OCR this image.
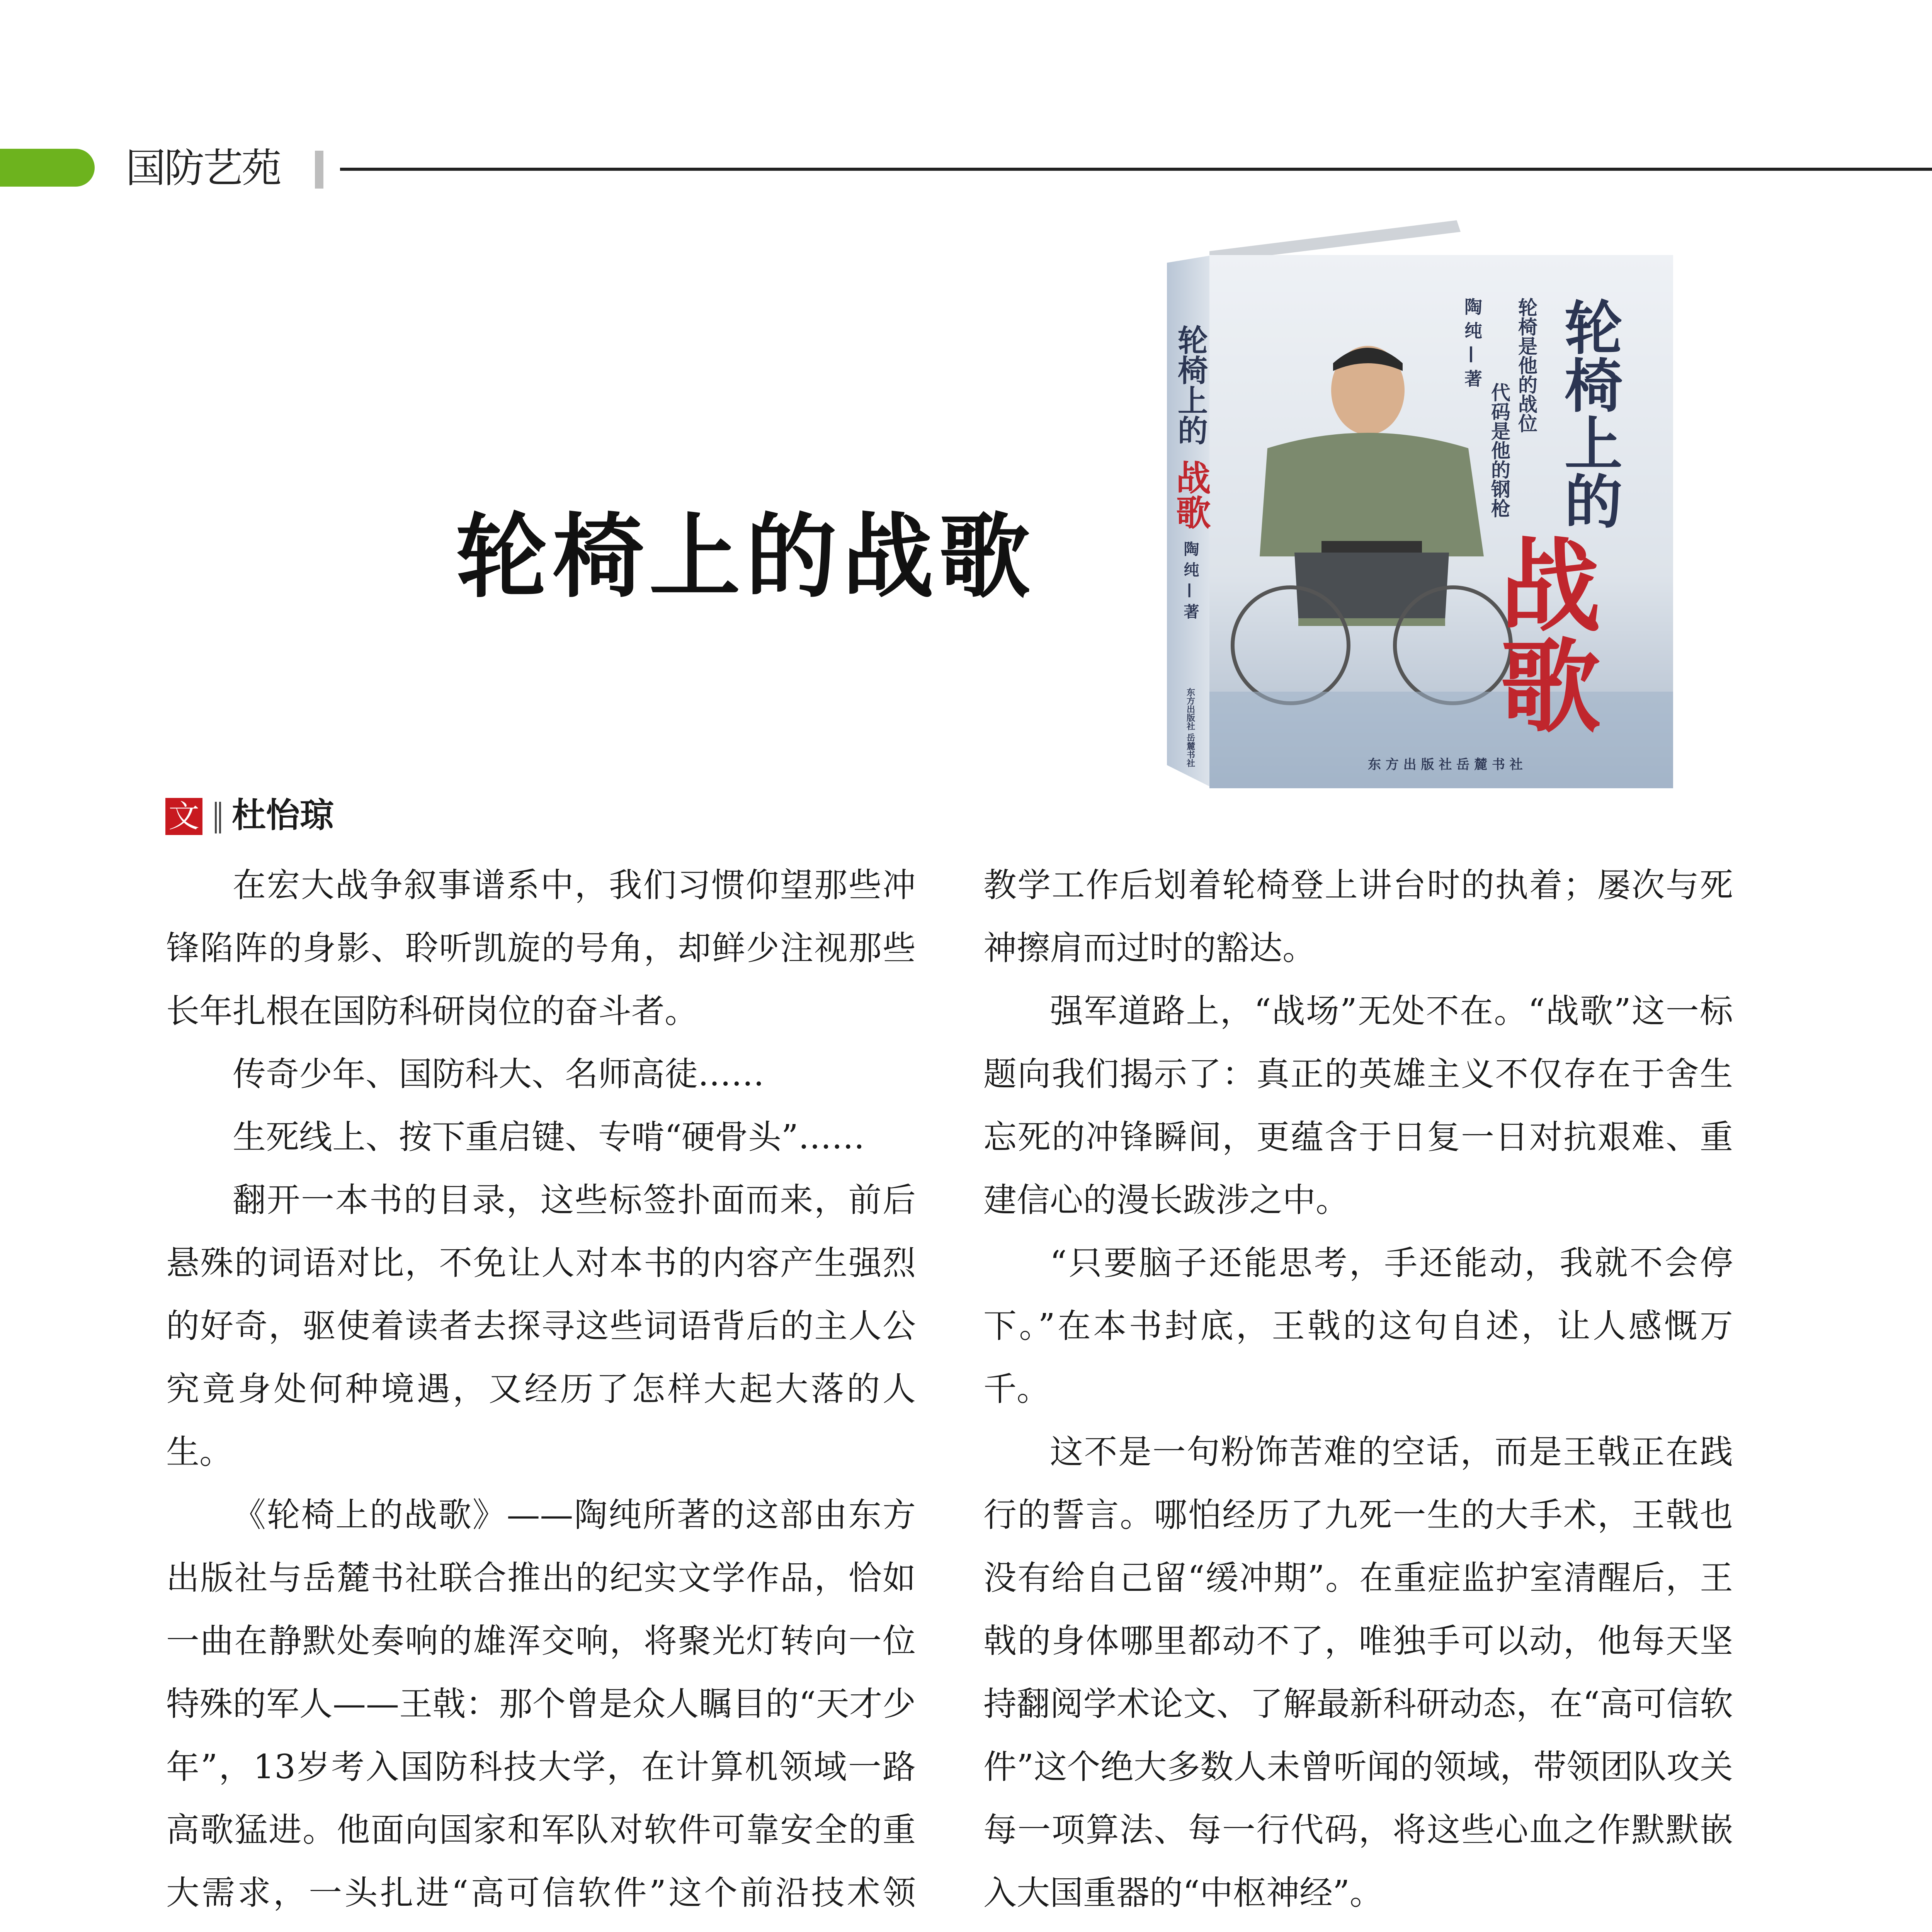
国防艺苑
轮椅上的战歌
轮椅上的
战歌
轮椅是他的战位
代码是他的钢枪
陶 纯 — 著
东 方 出 版 社 岳 麓 书 社
轮椅上的
战歌
陶 纯 — 著
东方出版社 岳麓书社
文 杜怡琼

在宏大战争叙事谱系中，我们习惯仰望那些冲锋陷阵的身影、聆听凯旋的号角，却鲜少注视那些长年扎根在国防科研岗位的奋斗者。

传奇少年、国防科大、名师高徒……

生死线上、按下重启键、专啃“硬骨头”……

翻开一本书的目录，这些标签扑面而来，前后悬殊的词语对比，不免让人对本书的内容产生强烈的好奇，驱使着读者去探寻这些词语背后的主人公究竟身处何种境遇，又经历了怎样大起大落的人生。

《轮椅上的战歌》——陶纯所著的这部由东方出版社与岳麓书社联合推出的纪实文学作品，恰如一曲在静默处奏响的雄浑交响，将聚光灯转向一位特殊的军人——王戟：那个曾是众人瞩目的“天才少年”，13岁考入国防科技大学，在计算机领域一路高歌猛进。他面向国家和军队对软件可靠安全的重大需求，一头扎进“高可信软件”这个前沿技术领

教学工作后划着轮椅登上讲台时的执着；屡次与死神擦肩而过时的豁达。

强军道路上，“战场”无处不在。“战歌”这一标题向我们揭示了：真正的英雄主义不仅存在于舍生忘死的冲锋瞬间，更蕴含于日复一日对抗艰难、重建信心的漫长跋涉之中。

“只要脑子还能思考，手还能动，我就不会停下。”在本书封底，王戟的这句自述，让人感慨万千。

这不是一句粉饰苦难的空话，而是王戟正在践行的誓言。哪怕经历了九死一生的大手术，王戟也没有给自己留“缓冲期”。在重症监护室清醒后，王戟的身体哪里都动不了，唯独手可以动，他每天坚持翻阅学术论文、了解最新科研动态，在“高可信软件”这个绝大多数人未曾听闻的领域，带领团队攻关每一项算法、每一行代码，将这些心血之作默默嵌入大国重器的“中枢神经”。
